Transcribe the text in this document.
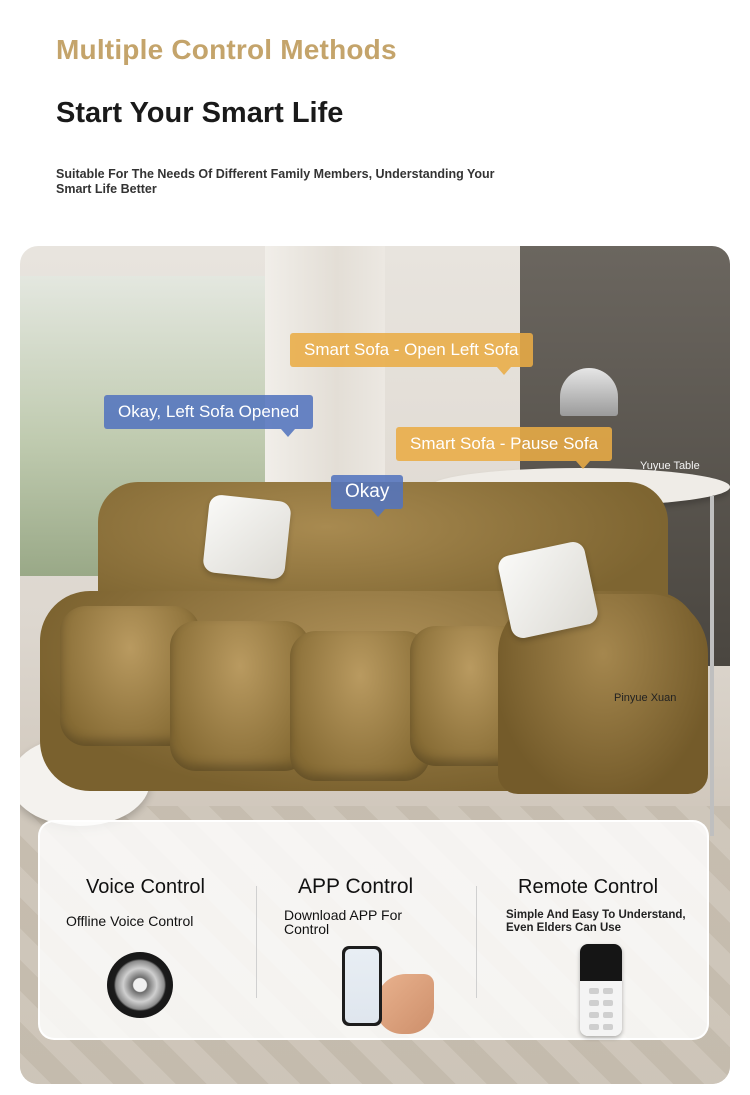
Multiple Control Methods
Start Your Smart Life
Suitable For The Needs Of Different Family Members, Understanding Your Smart Life Better
Smart Sofa - Open Left Sofa
Okay, Left Sofa Opened
Smart Sofa - Pause Sofa
Okay
Yuyue Table
Pinyue Xuan
Voice Control
Offline Voice Control
APP Control
Download APP For Control
Remote Control
Simple And Easy To Understand, Even Elders Can Use
